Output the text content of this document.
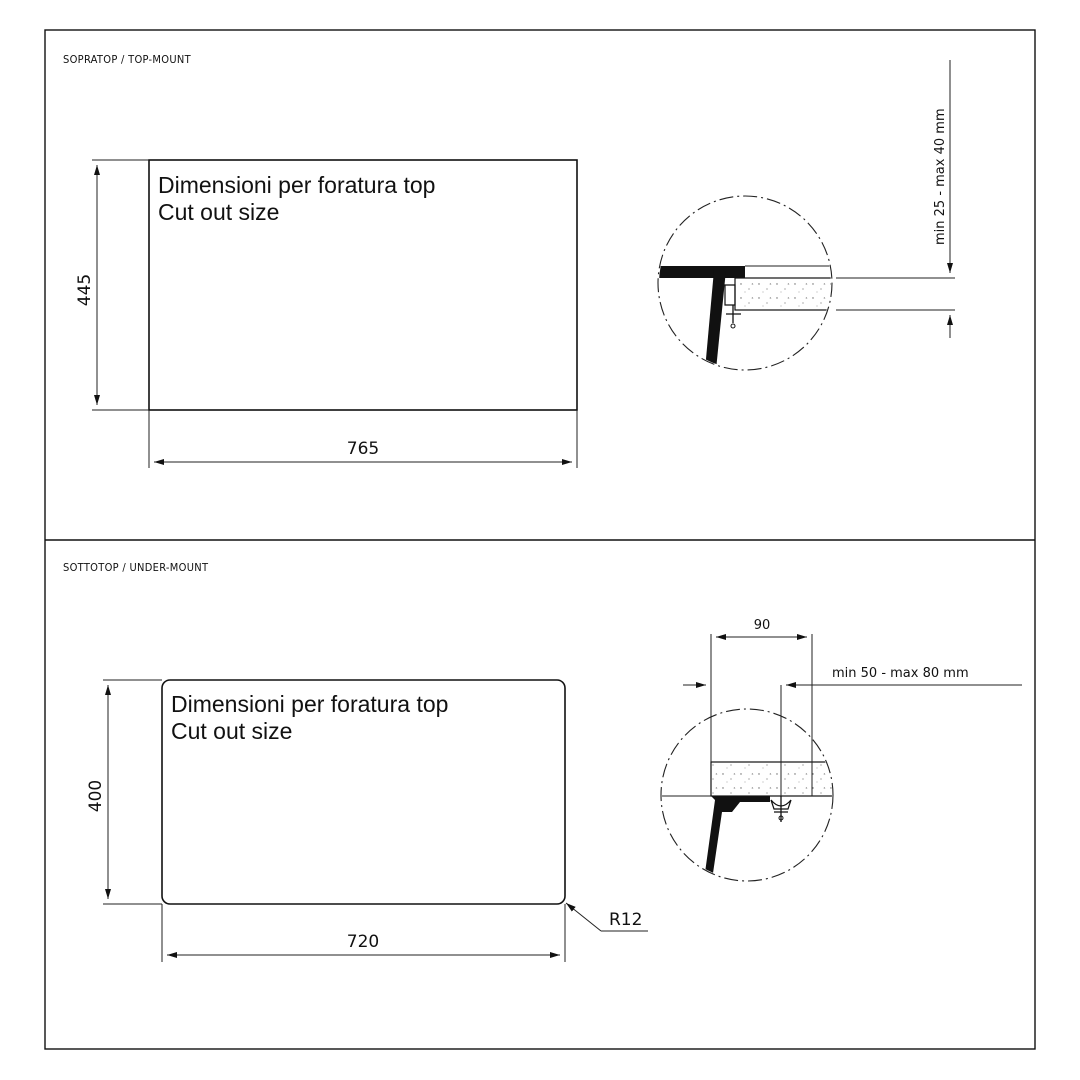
SOPRATOP / TOP-MOUNT
Dimensioni per foratura top
Cut out size
445
765
min 25 - max 40 mm
SOTTOTOP / UNDER-MOUNT
Dimensioni per foratura top
Cut out size
400
720
R12
90
min 50 - max 80 mm
